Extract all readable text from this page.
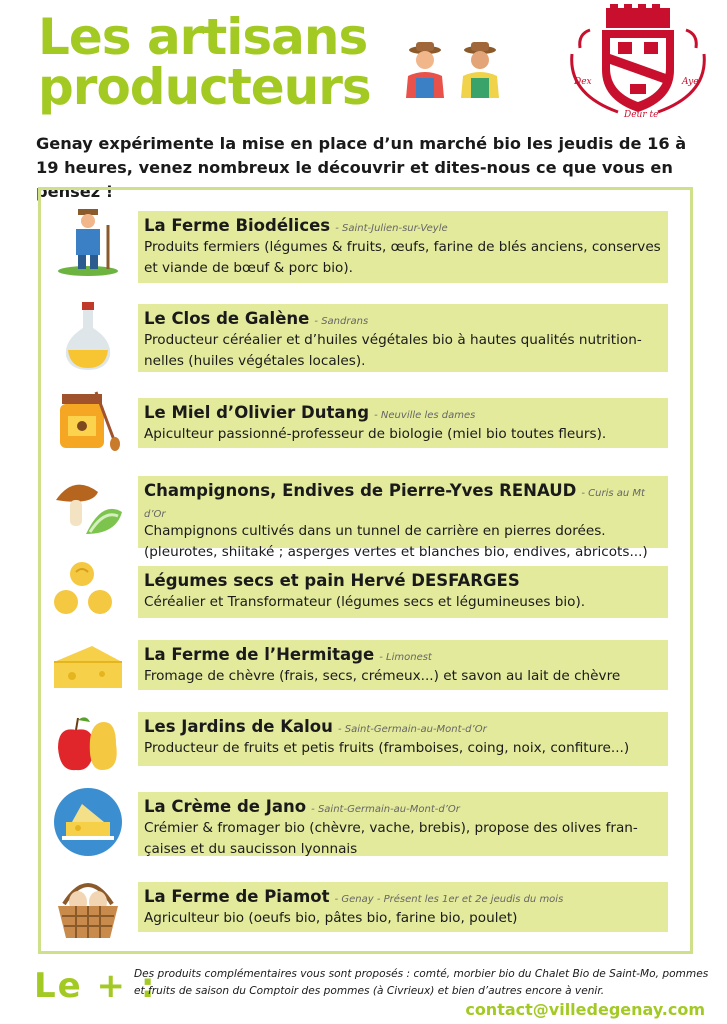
Les artisans
producteurs	Dex
Deur te
Aye

Genay expérimente la mise en place d’un marché bio les jeudis de 16 à 19 heures, venez nombreux le découvrir et dites-nous ce que vous en pensez !

La Ferme Biodélices - Saint-Julien-sur-Veyle
Produits fermiers (légumes & fruits, œufs, farine de blés anciens, conserves et viande de bœuf & porc bio).
Le Clos de Galène - Sandrans
Producteur céréalier et d’huiles végétales bio à hautes qualités nutrition-nelles (huiles végétales locales).
Le Miel d’Olivier Dutang - Neuville les dames
Apiculteur passionné-professeur de biologie (miel bio toutes fleurs).
Champignons, Endives de Pierre-Yves RENAUD - Curis au Mt d’Or
Champignons cultivés dans un tunnel de carrière en pierres dorées. (pleurotes, shiitaké ; asperges vertes et blanches bio, endives, abricots...)
Légumes secs et pain Hervé DESFARGES
Céréalier et Transformateur (légumes secs et légumineuses bio).
La Ferme de l’Hermitage - Limonest
Fromage de chèvre (frais, secs, crémeux...) et savon au lait de chèvre
Les Jardins de Kalou - Saint-Germain-au-Mont-d’Or
Producteur de fruits et petis fruits (framboises, coing, noix, confiture...)
La Crème de Jano - Saint-Germain-au-Mont-d’Or
Crémier & fromager bio (chèvre, vache, brebis), propose des olives fran-çaises et du saucisson lyonnais
La Ferme de Piamot - Genay - Présent les 1er et 2e jeudis du mois
Agriculteur bio (oeufs bio, pâtes bio, farine bio, poulet)
Le + :

Des produits complémentaires vous sont proposés : comté, morbier bio du Chalet Bio de Saint-Mo, pommes et fruits de saison du Comptoir des pommes (à Civrieux) et bien d’autres encore à venir.

contact@villedegenay.com
